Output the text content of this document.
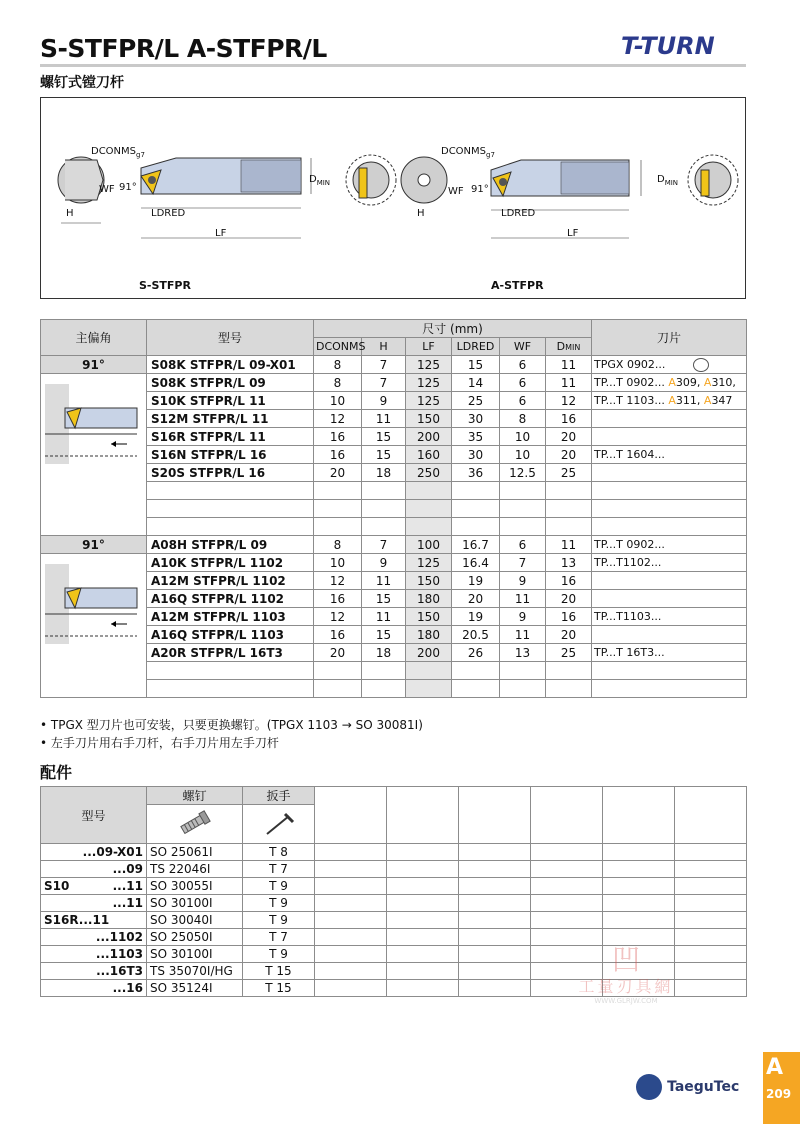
S-STFPR/L A-STFPR/L
螺钉式镗刀杆
T-TURN
$DCONMS_{g7}$
WF 91°
H	LDRED
LF
$D_{MIN}$
S-STFPR
$DCONMS_{g7}$
WF 91°
H	LDRED
LF
$D_{MIN}$
A-STFPR
主偏角	型号	尺寸 (mm)						刀片
		DCONMS	H	LF	LDRED	WF	DMIN	
91°	S08K STFPR/L 09-X01	8	7	125	15	6	11	TPGX 0902...
	S08K STFPR/L 09	8	7	125	14	6	11	TP...T 0902... A309, A310,
	S10K STFPR/L 11	10	9	125	25	6	12	TP...T 1103... A311, A347
	S12M STFPR/L 11	12	11	150	30	8	16	
	S16R STFPR/L 11	16	15	200	35	10	20	
	S16N STFPR/L 16	16	15	160	30	10	20	TP...T 1604...
	S20S STFPR/L 16	20	18	250	36	12.5	25	

91°	A08H STFPR/L 09	8	7	100	16.7	6	11	TP...T 0902...
	A10K STFPR/L 1102	10	9	125	16.4	7	13	TP...T1102...
	A12M STFPR/L 1102	12	11	150	19	9	16	
	A16Q STFPR/L 1102	16	15	180	20	11	20	
	A12M STFPR/L 1103	12	11	150	19	9	16	TP...T1103...
	A16Q STFPR/L 1103	16	15	180	20.5	11	20	
	A20R STFPR/L 16T3	20	18	200	26	13	25	TP...T 16T3...

• TPGX 型刀片也可安装，只要更换螺钉。(TPGX 1103 → SO 30081I)
• 左手刀片用右手刀杆，右手刀片用左手刀杆
配件
型号	螺钉	扳手						

...09-X01	SO 25061I	T 8						

...09	TS 22046I	T 7						

S10 ...11	SO 30055I	T 9						

...11	SO 30100I	T 9						

S16R...11	SO 30040I	T 9						

...1102	SO 25050I	T 7						

...1103	SO 30100I	T 9						

...16T3	TS 35070I/HG	T 15						

...16	SO 35124I	T 15						
凹
工量刃具網
WWW.GLRJW.COM
TaeguTec
A
209
